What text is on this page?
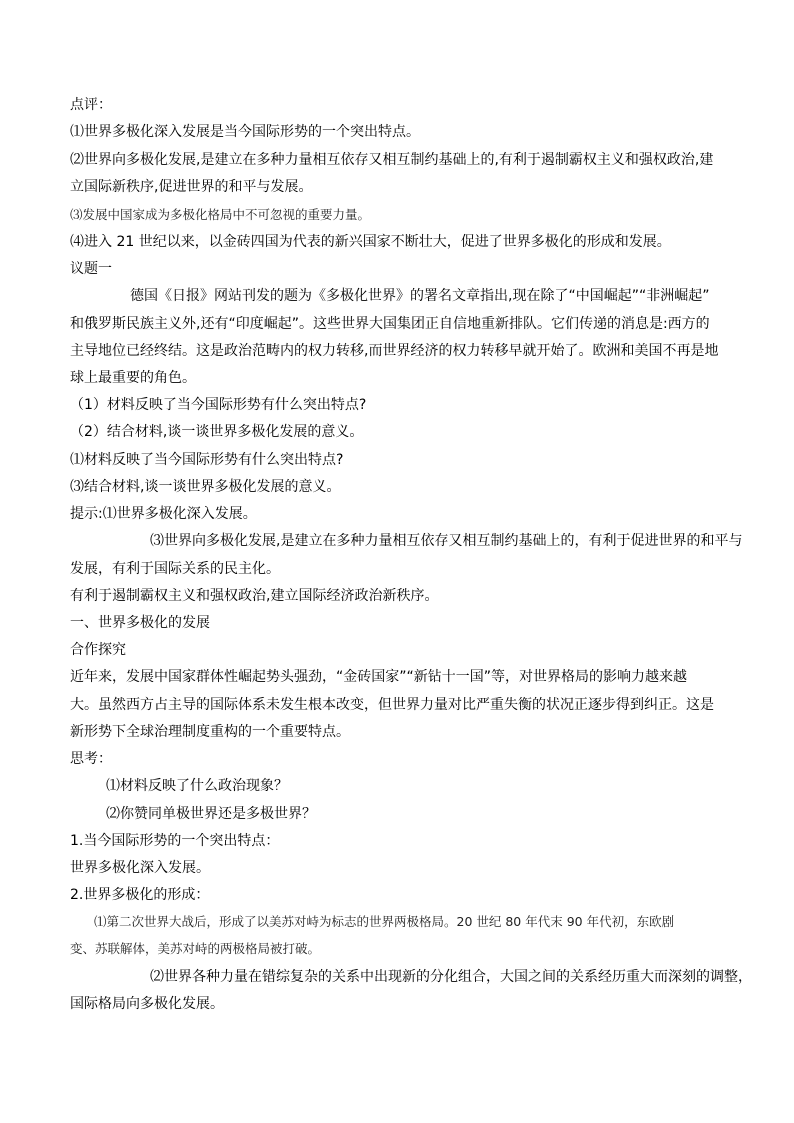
点评：
⑴世界多极化深入发展是当今国际形势的一个突出特点。
⑵世界向多极化发展,是建立在多种力量相互依存又相互制约基础上的,有利于遏制霸权主义和强权政治,建
立国际新秩序,促进世界的和平与发展。
⑶发展中国家成为多极化格局中不可忽视的重要力量。
⑷进入 21 世纪以来，以金砖四国为代表的新兴国家不断壮大，促进了世界多极化的形成和发展。
议题一
德国《日报》网站刊发的题为《多极化世界》的署名文章指出,现在除了“中国崛起”“非洲崛起”
和俄罗斯民族主义外,还有“印度崛起”。这些世界大国集团正自信地重新排队。它们传递的消息是:西方的
主导地位已经终结。这是政治范畴内的权力转移,而世界经济的权力转移早就开始了。欧洲和美国不再是地
球上最重要的角色。
（1）材料反映了当今国际形势有什么突出特点?
（2）结合材料,谈一谈世界多极化发展的意义。
⑴材料反映了当今国际形势有什么突出特点?
⑶结合材料,谈一谈世界多极化发展的意义。
提示:⑴世界多极化深入发展。
⑶世界向多极化发展,是建立在多种力量相互依存又相互制约基础上的，有利于促进世界的和平与
发展，有利于国际关系的民主化。
有利于遏制霸权主义和强权政治,建立国际经济政治新秩序。
一、世界多极化的发展
合作探究
近年来，发展中国家群体性崛起势头强劲，“金砖国家”“新钻十一国”等，对世界格局的影响力越来越
大。虽然西方占主导的国际体系未发生根本改变，但世界力量对比严重失衡的状况正逐步得到纠正。这是
新形势下全球治理制度重构的一个重要特点。
思考：
⑴材料反映了什么政治现象？
⑵你赞同单极世界还是多极世界？
1.当今国际形势的一个突出特点：
世界多极化深入发展。
2.世界多极化的形成：
⑴第二次世界大战后，形成了以美苏对峙为标志的世界两极格局。20 世纪 80 年代末 90 年代初，东欧剧
变、苏联解体，美苏对峙的两极格局被打破。
⑵世界各种力量在错综复杂的关系中出现新的分化组合，大国之间的关系经历重大而深刻的调整，
国际格局向多极化发展。
